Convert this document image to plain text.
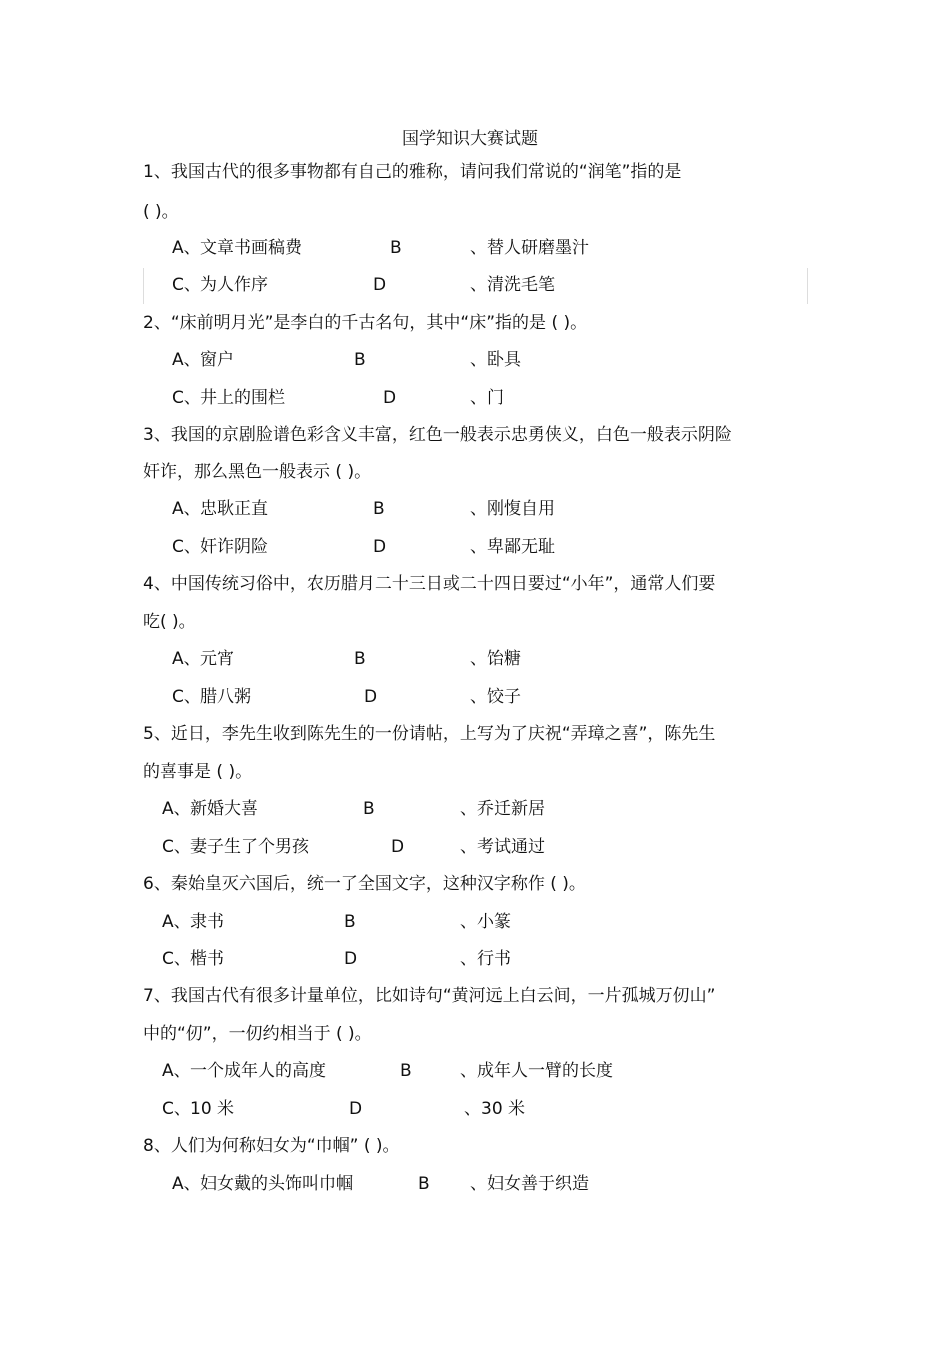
国学知识大赛试题
1、我国古代的很多事物都有自己的雅称，请问我们常说的“润笔”指的是
( )。
A、 文章书画稿费	B	、替人研磨墨汁
C、 为人作序	D	、清洗毛笔
2、“床前明月光”是李白的千古名句，其中“床”指的是 ( )。
A、 窗户	B	、卧具
C、 井上的围栏	D	、门
3、我国的京剧脸谱色彩含义丰富，红色一般表示忠勇侠义，白色一般表示阴险
奸诈，那么黑色一般表示 ( )。
A、 忠耿正直	B	、刚愎自用
C、 奸诈阴险	D	、卑鄙无耻
4、中国传统习俗中，农历腊月二十三日或二十四日要过“小年”，通常人们要
吃( )。
A、 元宵	B	、饴糖
C、 腊八粥	D	、饺子
5、近日，李先生收到陈先生的一份请帖，上写为了庆祝“弄璋之喜”，陈先生
的喜事是 ( )。
A、 新婚大喜	B	、乔迁新居
C、 妻子生了个男孩	D	、考试通过
6、秦始皇灭六国后，统一了全国文字，这种汉字称作 ( )。
A、 隶书	B	、小篆
C、 楷书	D	、行书
7、我国古代有很多计量单位，比如诗句“黄河远上白云间，一片孤城万仞山”
中的“仞”，一仞约相当于 ( )。
A、 一个成年人的高度	B	、成年人一臂的长度
C、 10 米	D	、30 米
8、人们为何称妇女为“巾帼” ( )。
A、 妇女戴的头饰叫巾帼	B 、妇女善于织造
